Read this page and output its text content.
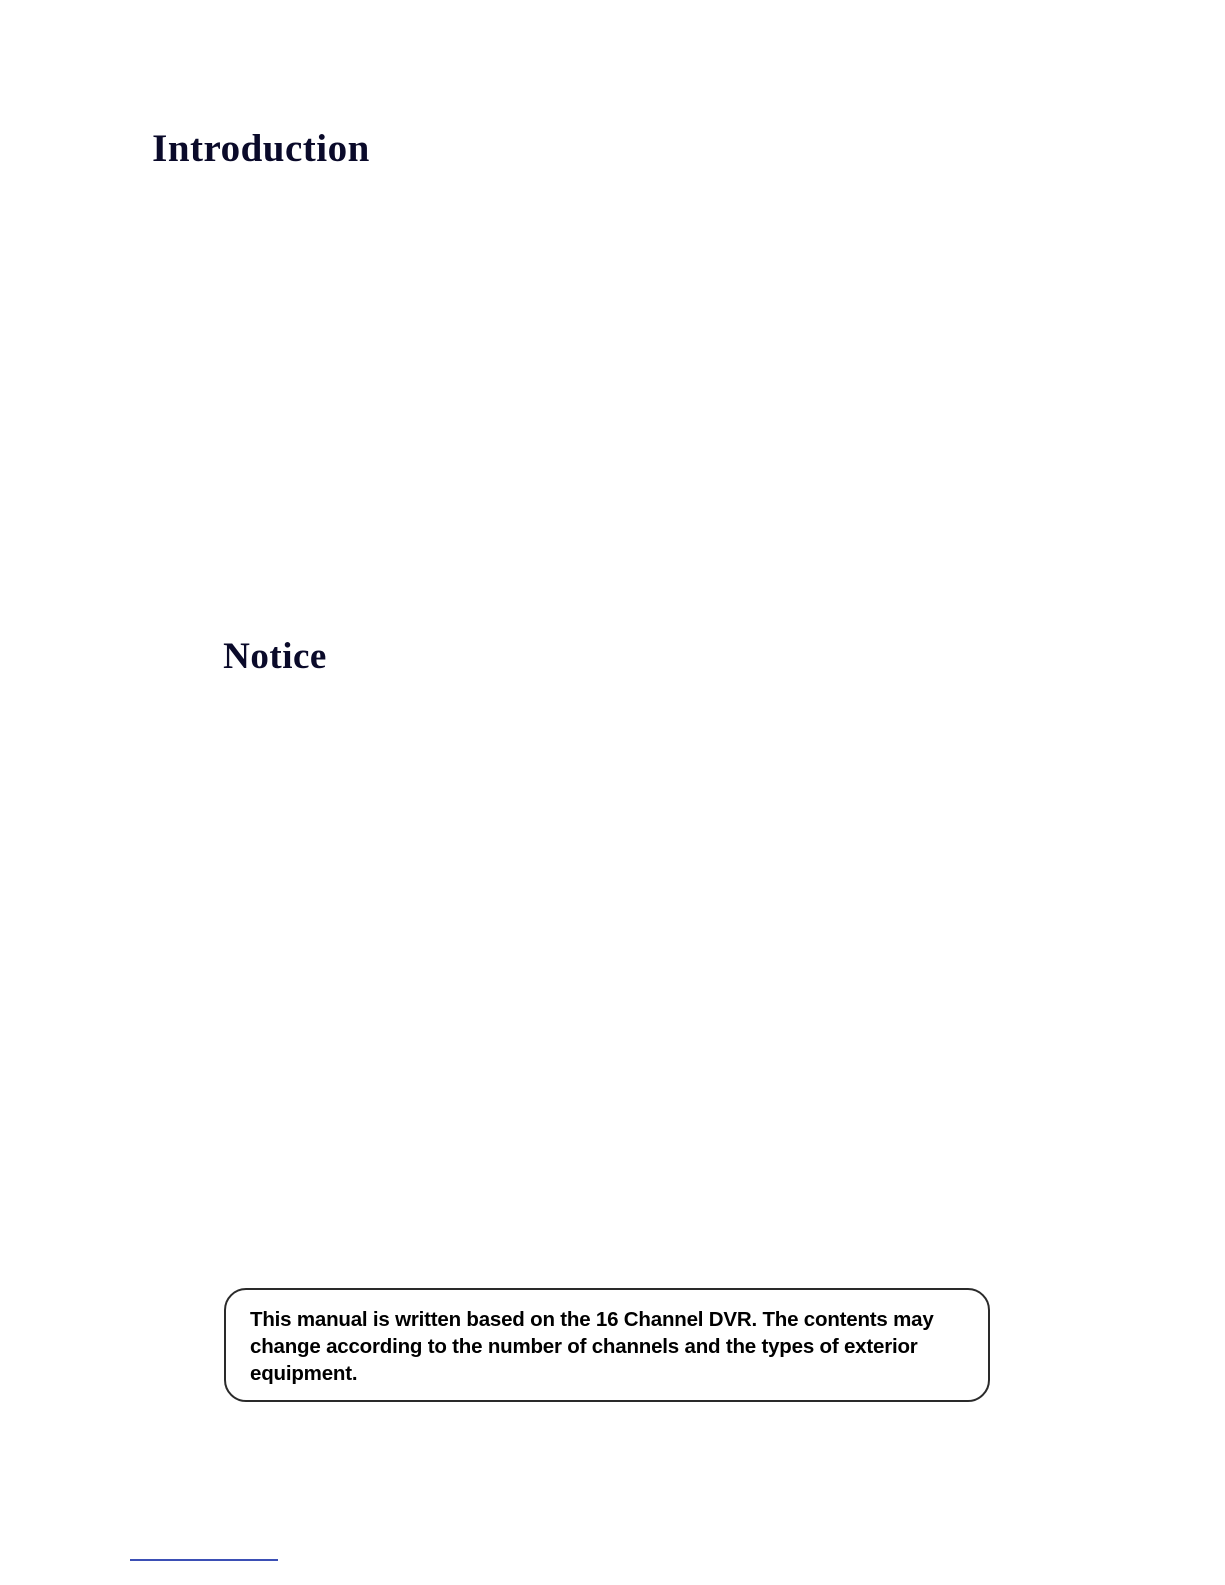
Introduction
Notice
This manual is written based on the 16 Channel DVR. The contents may change according to the number of channels and the types of exterior equipment.
